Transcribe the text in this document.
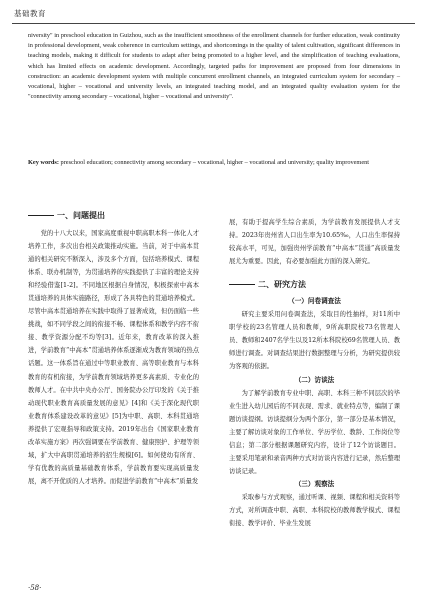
基础教育

niversity" in preschool education in Guizhou, such as the insufficient smoothness of the enrollment channels for further education, weak continuity in professional development, weak coherence in curriculum settings, and shortcomings in the quality of talent cultivation, significant differences in teaching models, making it difficult for students to adapt after being promoted to a higher level, and the simplification of teaching evaluations, which has limited effects on academic development. Accordingly, targeted paths for improvement are proposed from four dimensions in construction: an academic development system with multiple concurrent enrollment channels, an integrated curriculum system for secondary – vocational, higher – vocational and university levels, an integrated teaching model, and an integrated quality evaluation system for the "connectivity among secondary – vocational, higher – vocational and university".

Key words: preschool education; connectivity among secondary – vocational, higher – vocational and university; quality improvement
一、问题提出

党的十八大以来，国家高度重视中职高职本科一体化人才培养工作，多次出台相关政策推动实施。当前，对于中高本贯通的相关研究不断深入，涉及多个方面，包括培养模式、课程体系、联办机制等，为贯通培养的实践提供了丰富的理论支持和经验借鉴[1-2]。不同地区根据自身情况，积极探索中高本贯通培养的具体实施路径，形成了各具特色的贯通培养模式。尽管中高本贯通培养在实践中取得了显著成效，但仍面临一些挑战，如不同学段之间的衔接不畅、课程体系和教学内容不衔接、教学资源分配不均等[3]。近年来，教育改革的深入推进，学前教育“中高本”贯通培养体系逐渐成为教育领域的热点话题。这一体系旨在通过中等职业教育、高等职业教育与本科教育的有机衔接，为学前教育领域培养更多高素质、专业化的教师人才。在中共中央办公厅、国务院办公厅印发的《关于推动现代职业教育高质量发展的意见》[4]和《关于深化现代职业教育体系建设改革的意见》[5]为中职、高职、本科贯通培养提供了宏观指导和政策支持。2019年出台《国家职业教育改革实施方案》再次强调要在学前教育、健康照护、护理等领域，扩大中高职贯通培养的招生规模[6]。如何使幼有所育、学有优教的高质量基础教育体系，学前教育要实现高质量发展，离不开优质的人才培养。而促进学前教育“中高本”质量发

展，有助于提高学生综合素质，为学前教育发展提供人才支持。2023年贵州省人口出生率为10.65‰，人口出生率保持较高水平，可见，加强贵州学前教育“中高本”贯通”高质量发展尤为重要。因此，有必要加强此方面的深入研究。

二、研究方法
（一）问卷调查法

研究主要采用问卷调查法，采取目的性抽样，对11所中职学校的23名管理人员和教师，9所高职院校73名管理人员、教师和2407名学生以及12所本科院校69名管理人员、教师进行调查。对调查结果进行数据整理与分析，为研究提供较为客观的依据。

（二）访谈法

为了解学前教育专业中职、高职、本科三种不同层次的毕业生进入幼儿园后的不同表现、需求、就业特点等，编制了课题访谈提纲。访谈提纲分为两个部分，第一部分是基本情况，主要了解访谈对象的工作单位、学历学位、教龄、工作岗位等信息；第二部分根据课题研究内容，设计了12个访谈题目。主要采用笔录和录音两种方式对访谈内容进行记录，然后整理访谈记录。

（三）观察法

采取参与方式观察，通过听课、视频、课程和相关资料等方式，对所调查中职、高职、本科院校的教师教学模式、课程衔接、教学评价、毕业生发展

·58·
